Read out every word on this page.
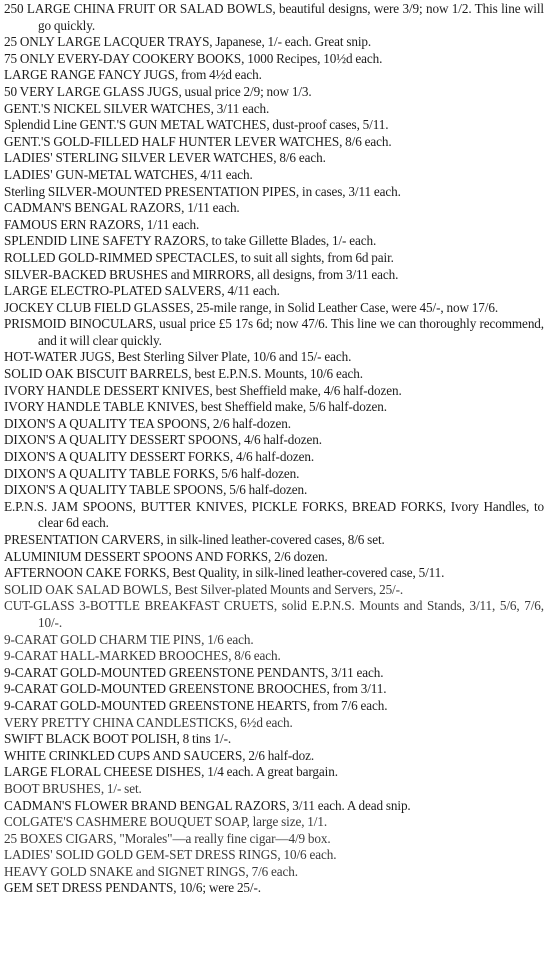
250 LARGE CHINA FRUIT OR SALAD BOWLS, beautiful designs, were 3/9; now 1/2. This line will go quickly.
25 ONLY LARGE LACQUER TRAYS, Japanese, 1/- each. Great snip.
75 ONLY EVERY-DAY COOKERY BOOKS, 1000 Recipes, 10½d each.
LARGE RANGE FANCY JUGS, from 4½d each.
50 VERY LARGE GLASS JUGS, usual price 2/9; now 1/3.
GENT.'S NICKEL SILVER WATCHES, 3/11 each.
Splendid Line GENT.'S GUN METAL WATCHES, dust-proof cases, 5/11.
GENT.'S GOLD-FILLED HALF HUNTER LEVER WATCHES, 8/6 each.
LADIES' STERLING SILVER LEVER WATCHES, 8/6 each.
LADIES' GUN-METAL WATCHES, 4/11 each.
Sterling SILVER-MOUNTED PRESENTATION PIPES, in cases, 3/11 each.
CADMAN'S BENGAL RAZORS, 1/11 each.
FAMOUS ERN RAZORS, 1/11 each.
SPLENDID LINE SAFETY RAZORS, to take Gillette Blades, 1/- each.
ROLLED GOLD-RIMMED SPECTACLES, to suit all sights, from 6d pair.
SILVER-BACKED BRUSHES and MIRRORS, all designs, from 3/11 each.
LARGE ELECTRO-PLATED SALVERS, 4/11 each.
JOCKEY CLUB FIELD GLASSES, 25-mile range, in Solid Leather Case, were 45/-, now 17/6.
PRISMOID BINOCULARS, usual price £5 17s 6d; now 47/6. This line we can thoroughly recommend, and it will clear quickly.
HOT-WATER JUGS, Best Sterling Silver Plate, 10/6 and 15/- each.
SOLID OAK BISCUIT BARRELS, best E.P.N.S. Mounts, 10/6 each.
IVORY HANDLE DESSERT KNIVES, best Sheffield make, 4/6 half-dozen.
IVORY HANDLE TABLE KNIVES, best Sheffield make, 5/6 half-dozen.
DIXON'S A QUALITY TEA SPOONS, 2/6 half-dozen.
DIXON'S A QUALITY DESSERT SPOONS, 4/6 half-dozen.
DIXON'S A QUALITY DESSERT FORKS, 4/6 half-dozen.
DIXON'S A QUALITY TABLE FORKS, 5/6 half-dozen.
DIXON'S A QUALITY TABLE SPOONS, 5/6 half-dozen.
E.P.N.S. JAM SPOONS, BUTTER KNIVES, PICKLE FORKS, BREAD FORKS, Ivory Handles, to clear 6d each.
PRESENTATION CARVERS, in silk-lined leather-covered cases, 8/6 set.
ALUMINIUM DESSERT SPOONS AND FORKS, 2/6 dozen.
AFTERNOON CAKE FORKS, Best Quality, in silk-lined leather-covered case, 5/11.
SOLID OAK SALAD BOWLS, Best Silver-plated Mounts and Servers, 25/-.
CUT-GLASS 3-BOTTLE BREAKFAST CRUETS, solid E.P.N.S. Mounts and Stands, 3/11, 5/6, 7/6, 10/-.
9-CARAT GOLD CHARM TIE PINS, 1/6 each.
9-CARAT HALL-MARKED BROOCHES, 8/6 each.
9-CARAT GOLD-MOUNTED GREENSTONE PENDANTS, 3/11 each.
9-CARAT GOLD-MOUNTED GREENSTONE BROOCHES, from 3/11.
9-CARAT GOLD-MOUNTED GREENSTONE HEARTS, from 7/6 each.
VERY PRETTY CHINA CANDLESTICKS, 6½d each.
SWIFT BLACK BOOT POLISH, 8 tins 1/-.
WHITE CRINKLED CUPS AND SAUCERS, 2/6 half-doz.
LARGE FLORAL CHEESE DISHES, 1/4 each. A great bargain.
BOOT BRUSHES, 1/- set.
CADMAN'S FLOWER BRAND BENGAL RAZORS, 3/11 each. A dead snip.
COLGATE'S CASHMERE BOUQUET SOAP, large size, 1/1.
25 BOXES CIGARS, "Morales"—a really fine cigar—4/9 box.
LADIES' SOLID GOLD GEM-SET DRESS RINGS, 10/6 each.
HEAVY GOLD SNAKE and SIGNET RINGS, 7/6 each.
GEM SET DRESS PENDANTS, 10/6; were 25/-.
